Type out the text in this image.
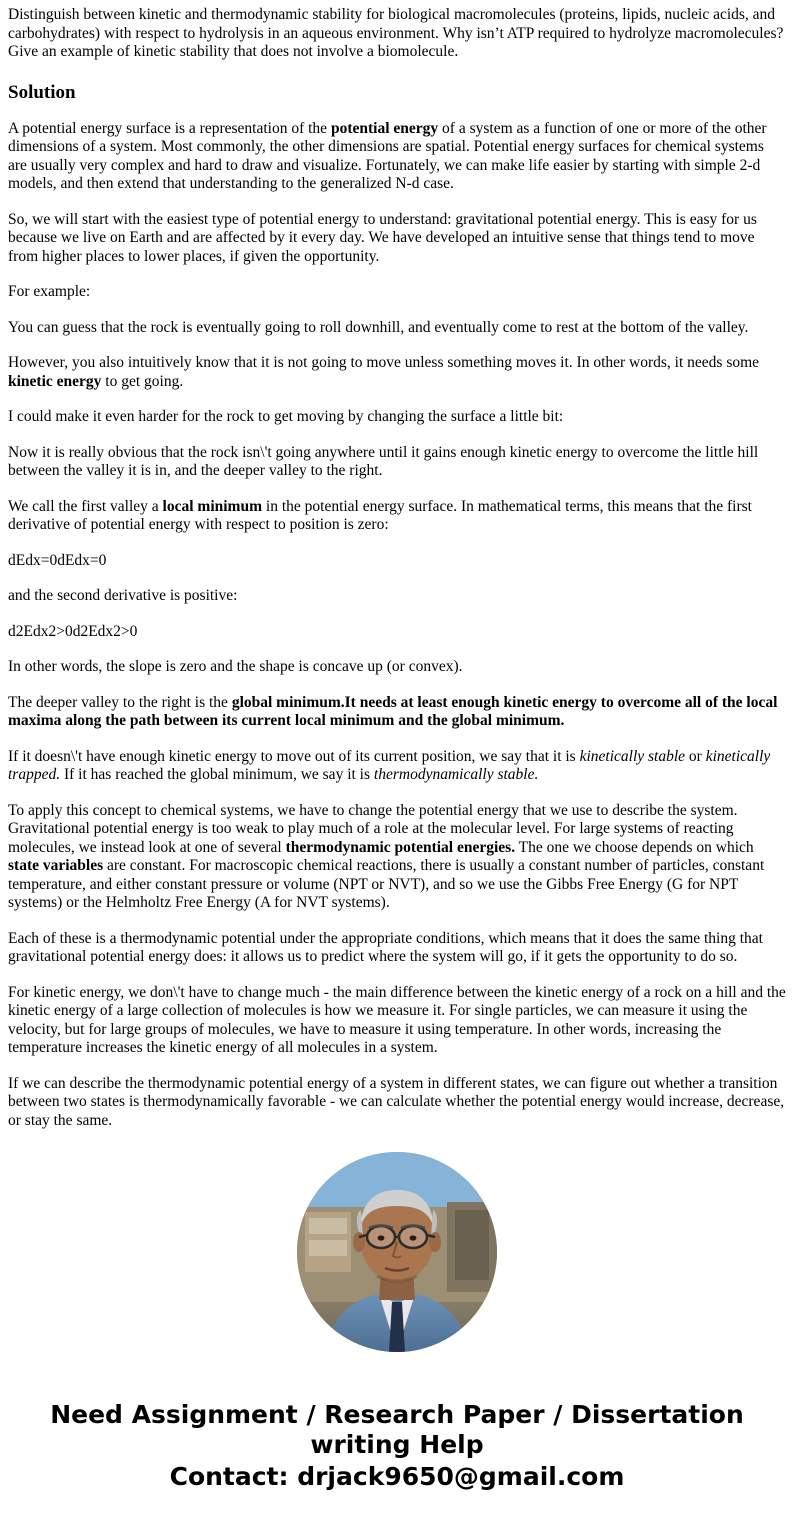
Distinguish between kinetic and thermodynamic stability for biological macromolecules (proteins, lipids, nucleic acids, and carbohydrates) with respect to hydrolysis in an aqueous environment. Why isn’t ATP required to hydrolyze macromolecules? Give an example of kinetic stability that does not involve a biomolecule.
Solution

A potential energy surface is a representation of the potential energy of a system as a function of one or more of the other dimensions of a system. Most commonly, the other dimensions are spatial. Potential energy surfaces for chemical systems are usually very complex and hard to draw and visualize. Fortunately, we can make life easier by starting with simple 2-d models, and then extend that understanding to the generalized N-d case.

So, we will start with the easiest type of potential energy to understand: gravitational potential energy. This is easy for us because we live on Earth and are affected by it every day. We have developed an intuitive sense that things tend to move from higher places to lower places, if given the opportunity.

For example:

You can guess that the rock is eventually going to roll downhill, and eventually come to rest at the bottom of the valley.

However, you also intuitively know that it is not going to move unless something moves it. In other words, it needs some kinetic energy to get going.

I could make it even harder for the rock to get moving by changing the surface a little bit:

Now it is really obvious that the rock isn\'t going anywhere until it gains enough kinetic energy to overcome the little hill between the valley it is in, and the deeper valley to the right.

We call the first valley a local minimum in the potential energy surface. In mathematical terms, this means that the first derivative of potential energy with respect to position is zero:

dEdx=0dEdx=0

and the second derivative is positive:

d2Edx2>0d2Edx2>0

In other words, the slope is zero and the shape is concave up (or convex).

The deeper valley to the right is the global minimum.It needs at least enough kinetic energy to overcome all of the local maxima along the path between its current local minimum and the global minimum.

If it doesn\'t have enough kinetic energy to move out of its current position, we say that it is kinetically stable or kinetically trapped. If it has reached the global minimum, we say it is thermodynamically stable.

To apply this concept to chemical systems, we have to change the potential energy that we use to describe the system. Gravitational potential energy is too weak to play much of a role at the molecular level. For large systems of reacting molecules, we instead look at one of several thermodynamic potential energies. The one we choose depends on which state variables are constant. For macroscopic chemical reactions, there is usually a constant number of particles, constant temperature, and either constant pressure or volume (NPT or NVT), and so we use the Gibbs Free Energy (G for NPT systems) or the Helmholtz Free Energy (A for NVT systems).

Each of these is a thermodynamic potential under the appropriate conditions, which means that it does the same thing that gravitational potential energy does: it allows us to predict where the system will go, if it gets the opportunity to do so.

For kinetic energy, we don\'t have to change much - the main difference between the kinetic energy of a rock on a hill and the kinetic energy of a large collection of molecules is how we measure it. For single particles, we can measure it using the velocity, but for large groups of molecules, we have to measure it using temperature. In other words, increasing the temperature increases the kinetic energy of all molecules in a system.

If we can describe the thermodynamic potential energy of a system in different states, we can figure out whether a transition between two states is thermodynamically favorable - we can calculate whether the potential energy would increase, decrease, or stay the same.

Need Assignment / Research Paper / Dissertation
writing Help
Contact: drjack9650@gmail.com
